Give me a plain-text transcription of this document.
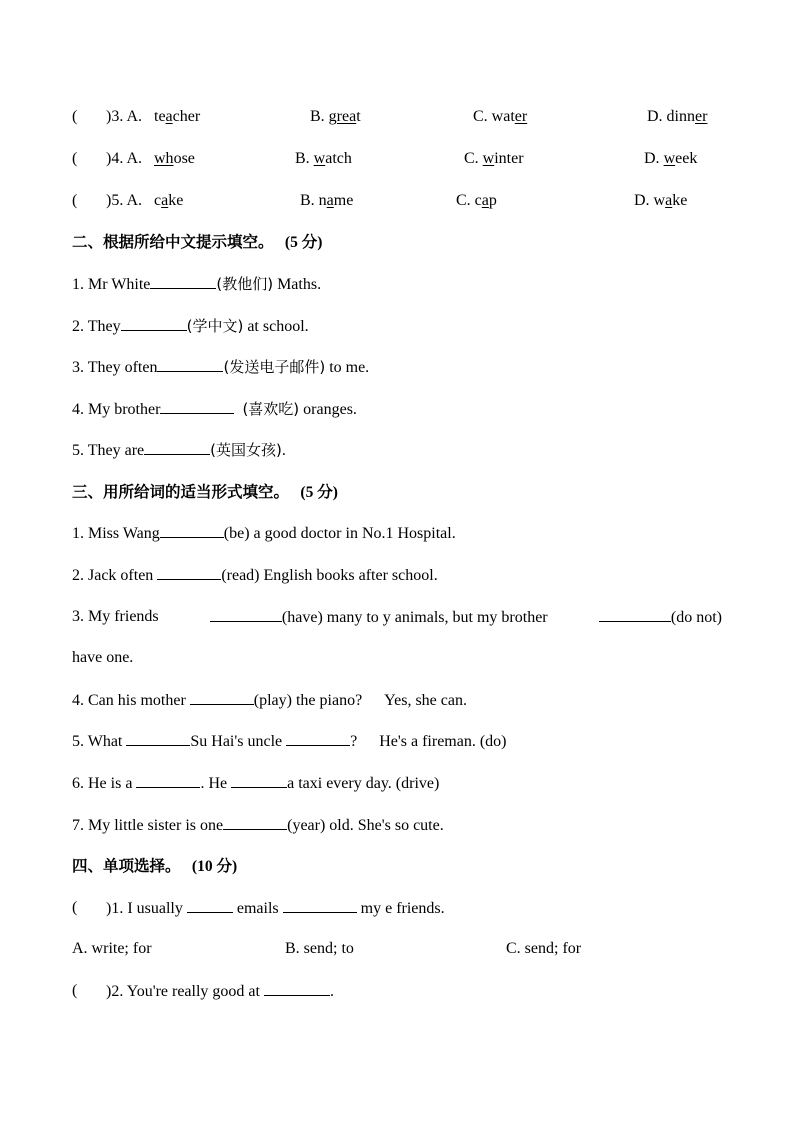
( )3. A. teacher	B. great	C. water	D. dinner
( )4. A. whose	B. watch	C. winter	D. week
( )5. A. cake	B. name	C. cap	D. wake
二、根据所给中文提示填空。 (5 分)
1. Mr White	(教他们) Maths.
2. They	(学中文) at school.
3. They often	(发送电子邮件) to me.
4. My brother	(喜欢吃) oranges.
5. They are	(英国女孩).
三、用所给词的适当形式填空。 (5 分)
1. Miss Wang	(be) a good doctor in No.1 Hospital.
2. Jack often	(read) English books after school.
3. My friends	(have) many to y animals, but my brother	(do not)
have one.
4. Can his mother	(play) the piano? Yes, she can.
5. What	Su Hai's uncle	? He's a fireman. (do)
6. He is a	. He	a taxi every day. (drive)
7. My little sister is one	(year) old. She's so cute.
四、单项选择。 (10 分)
( )1. I usually	emails	my e friends.
A. write; for	B. send; to	C. send; for
( )2. You're really good at	.
